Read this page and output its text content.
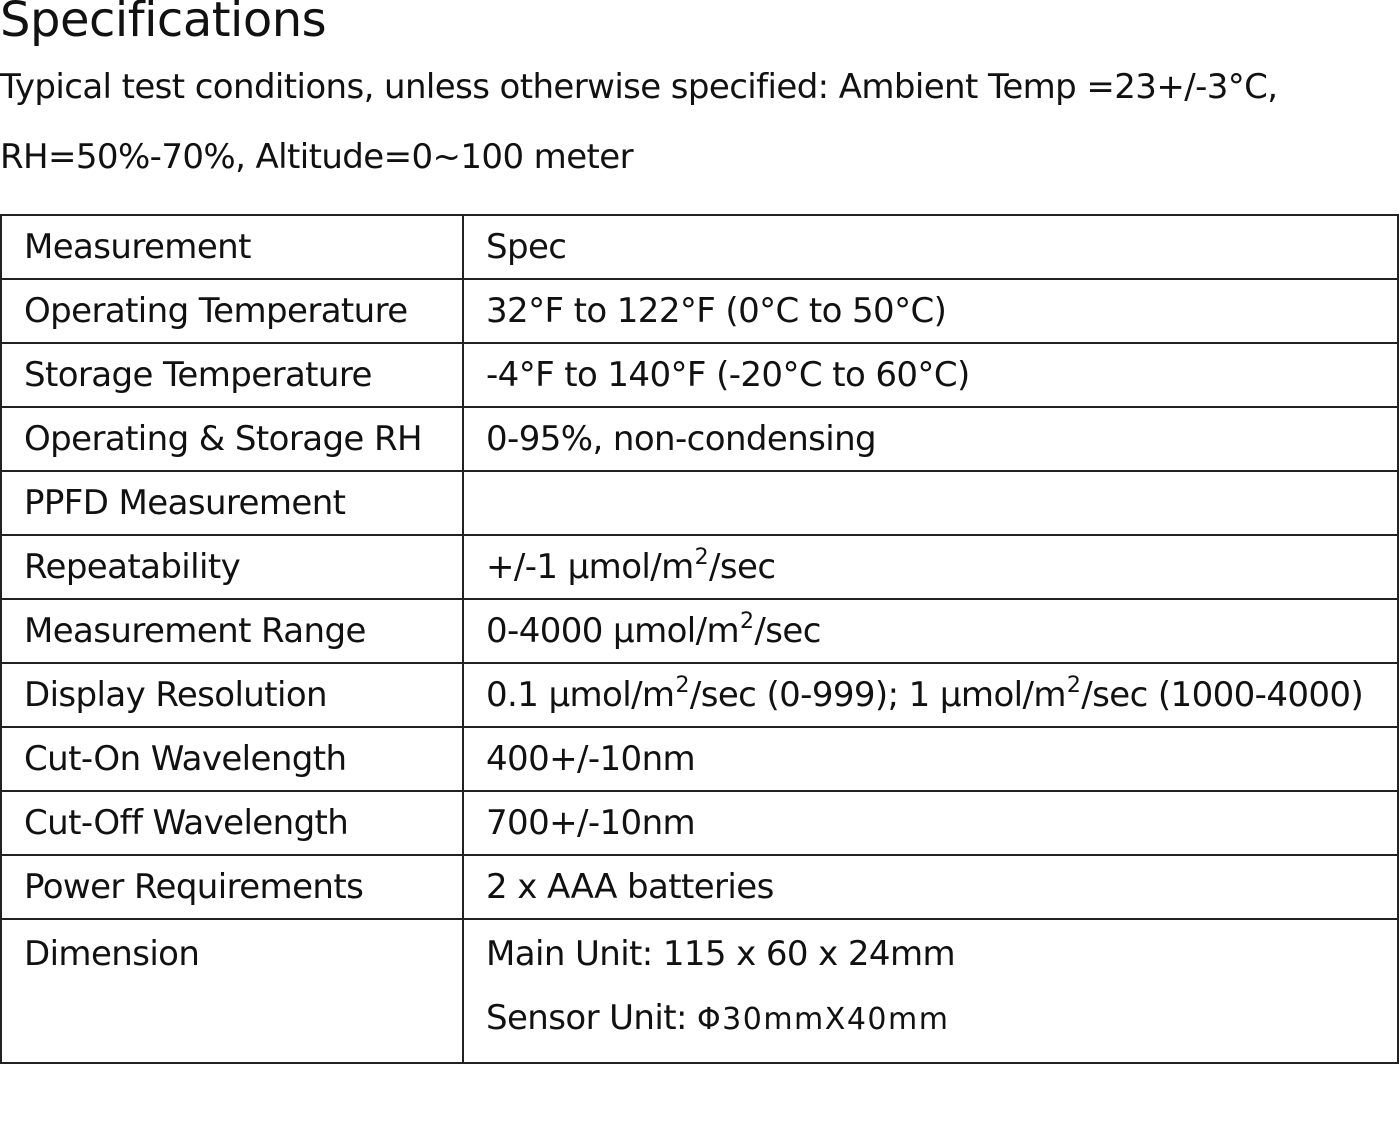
Specifications
Typical test conditions, unless otherwise specified: Ambient Temp =23+/-3°C,
RH=50%-70%, Altitude=0~100 meter
Measurement	Spec
Operating Temperature	32°F to 122°F (0°C to 50°C)
Storage Temperature	-4°F to 140°F (-20°C to 60°C)
Operating & Storage RH	0-95%, non-condensing
PPFD Measurement	
Repeatability	+/-1 μmol/$m^2/\sec$
Measurement Range	0-4000 μmol/$m^2/\sec$
Display Resolution	0.1 μmol/$m^2/\sec$ (0-999); 1 μmol/$m^2/\sec$ (1000-4000)
Cut-On Wavelength	400+/-10nm
Cut-Off Wavelength	700+/-10nm
Power Requirements	2 x AAA batteries
Dimension	Main Unit: 115 x 60 x 24mm
Sensor Unit: Φ30mmX40mm
